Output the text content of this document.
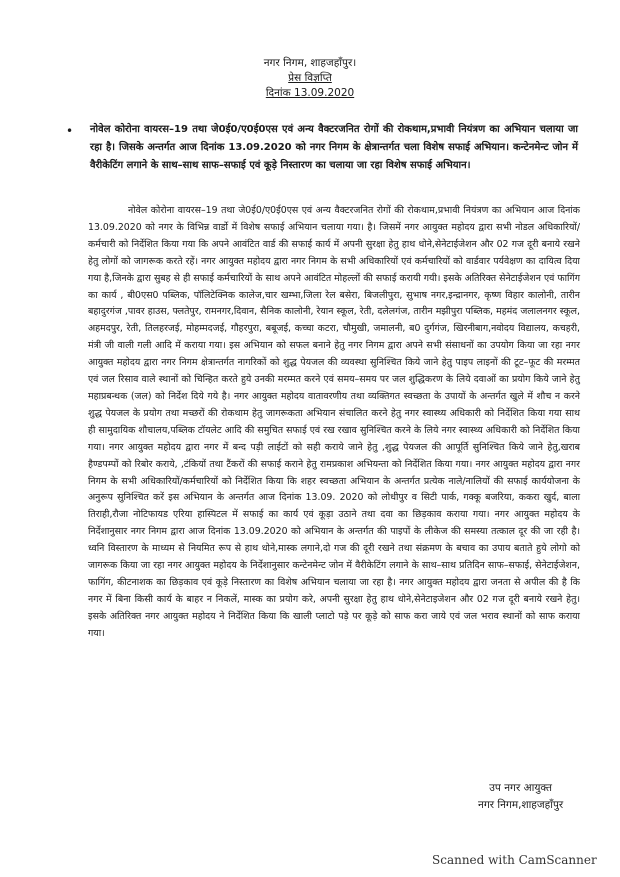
नगर निगम, शाहजहाँपुर।
प्रेस विज्ञप्ति
दिनांक 13.09.2020
•	नोवेल कोरोना वायरस–19 तथा जे0ई0/ए0ई0एस एवं अन्य वैक्टरजनित रोगों की रोकथाम,प्रभावी नियंत्रण का अभियान चलाया जा रहा है। जिसके अन्तर्गत आज दिनांक 13.09.2020 को नगर निगम के क्षेत्रान्तर्गत चला विशेष सफाई अभियान। कन्टेनमेन्ट जोन में वैरीकेटिंग लगाने के साथ–साथ साफ–सफाई एवं कूड़े निस्तारण का चलाया जा रहा विशेष सफाई अभियान।
नोवेल कोरोना वायरस–19 तथा जे0ई0/ए0ई0एस एवं अन्य वैक्टरजनित रोगों की रोकथाम,प्रभावी नियंत्रण का अभियान आज दिनांक 13.09.2020 को नगर के विभिन्न वार्डो में विशेष सफाई अभियान चलाया गया। है। जिसमें नगर आयुक्त महोदय द्वारा सभी नोडल अधिकारियों/कर्मचारी को निर्देशित किया गया कि अपने आवंटित वार्ड की सफाई कार्य में अपनी सुरक्षा हेतु हाथ धोने,सेनेटाईजेशन और 02 गज दूरी बनाये रखने हेतु लोगों को जागरूक करते रहें। नगर आयुक्त महोदय द्वारा नगर निगम के सभी अधिकारियों एवं कर्मचारियों को वार्डवार पर्यवेक्षण का दायित्व दिया गया है,जिनके द्वारा सुबह से ही सफाई कर्मचारियों के साथ अपने आवंटित मोहल्लों की सफाई करायी गयी। इसके अतिरिक्त सेनेटाईजेशन एवं फागिंग का कार्य , बी0एस0 पब्लिक, पॉलिटेक्निक कालेज,चार खम्भा,जिला रेल बसेरा, बिजलीपुरा, सुभाष नगर,इन्द्रानगर, कृष्ण विहार कालोनी, तारीन बहादुरगंज ,पावर हाउस, फ्लतेपुर, रामनगर,दिवान, सैनिक कालोनी, रेयान स्कूल, रेती, दलेलगंज, तारीन मझीपुरा पब्लिक, महमंद जलालनगर स्कूल, अहमदपुर, रेती, तिलहरजई, मोहम्मदजई, गौहरपुरा, बबूजई, कच्चा कटरा, चौमुखी, जमालनी, ब0 दुर्गगंज, खिरनीबाग,नवोदय विद्यालय, कचहरी, मंत्री जी वाली गली आदि में कराया गया। इस अभियान को सफल बनाने हेतु नगर निगम द्वारा अपने सभी संसाधनों का उपयोग किया जा रहा नगर आयुक्त महोदय द्वारा नगर निगम क्षेत्रान्तर्गत नागरिकों को शुद्ध पेयजल की व्यवस्था सुनिश्चित किये जाने हेतु पाइप लाइनों की टूट–फूट की मरम्मत एवं जल रिसाव वाले स्थानों को चिन्हित करते हुये उनकी मरम्मत करने एवं समय–समय पर जल शुद्धिकरण के लिये दवाओं का प्रयोग किये जाने हेतु महाप्रबन्धक (जल) को निर्देश दिये गये है। नगर आयुक्त महोदय वातावरणीय तथा व्यक्तिगत स्वच्छता के उपायों के अन्तर्गत खुले में शौच न करने शुद्ध पेयजल के प्रयोग तथा मच्छरों की रोकथाम हेतु जागरूकता अभियान संचालित करने हेतु नगर स्वास्थ्य अधिकारी को निर्देशित किया गया साथ ही सामुदायिक शौचालय,पब्लिक टॉयलेट आदि की समुचित सफाई एवं रख रखाव सुनिश्चित करने के लिये नगर स्वास्थ्य अधिकारी को निर्देशित किया गया। नगर आयुक्त महोदय द्वारा नगर में बन्द पड़ी लाईटों को सही कराये जाने हेतु ,शुद्ध पेयजल की आपूर्ति सुनिश्चित किये जाने हेतु,खराब हैण्डपम्पों को रिबोर कराये, ,टंकियों तथा टैंकरों की सफाई कराने हेतु रामप्रकाश अभियन्ता को निर्देशित किया गया। नगर आयुक्त महोदय द्वारा नगर निगम के सभी अधिकारियों/कर्मचारियों को निर्देशित किया कि शहर स्वच्छता अभियान के अन्तर्गत प्रत्येक नाले/नालियों की सफाई कार्ययोजना के अनुरूप सुनिश्चित करें इस अभियान के अन्तर्गत आज दिनांक 13.09. 2020 को लोधीपुर व सिटी पार्क, गक्कू बजरिया, ककरा खुर्द, बाला तिराही,रौजा नोटिफायड एरिया हास्पिटल में सफाई का कार्य एवं कूड़ा उठाने तथा दवा का छिड़काव कराया गया। नगर आयुक्त महोदय के निर्देशानुसार नगर निगम द्वारा आज दिनांक 13.09.2020 को अभियान के अन्तर्गत की पाइपों के लीकेज की समस्या तत्काल दूर की जा रही है। ध्वनि विस्तारण के माध्यम से नियमित रूप से हाथ धोने,मास्क लगाने,दो गज की दूरी रखने तथा संक्रमण के बचाव का उपाय बताते हुये लोगो को जागरूक किया जा रहा नगर आयुक्त महोदय के निर्देशानुसार कन्टेनमेन्ट जोन में वैरीकेटिंग लगाने के साथ–साथ प्रतिदिन साफ–सफाई, सेनेटाईजेशन, फागिंग, कीटनाशक का छिड़काव एवं कूड़े निस्तारण का विशेष अभियान चलाया जा रहा है। नगर आयुक्त महोदय द्वारा जनता से अपील की है कि नगर में बिना किसी कार्य के बाहर न निकलें, मास्क का प्रयोग करे, अपनी सुरक्षा हेतु हाथ धोने,सेनेटाइजेशन और 02 गज दूरी बनाये रखने हेतु। इसके अतिरिक्त नगर आयुक्त महोदय ने निर्देशित किया कि खाली प्लाटो पड़े पर कूड़े को साफ करा जाये एवं जल भराव स्थानों को साफ कराया गया।
उप नगर आयुक्त
नगर निगम,शाहजहाँपुर
Scanned with CamScanner
